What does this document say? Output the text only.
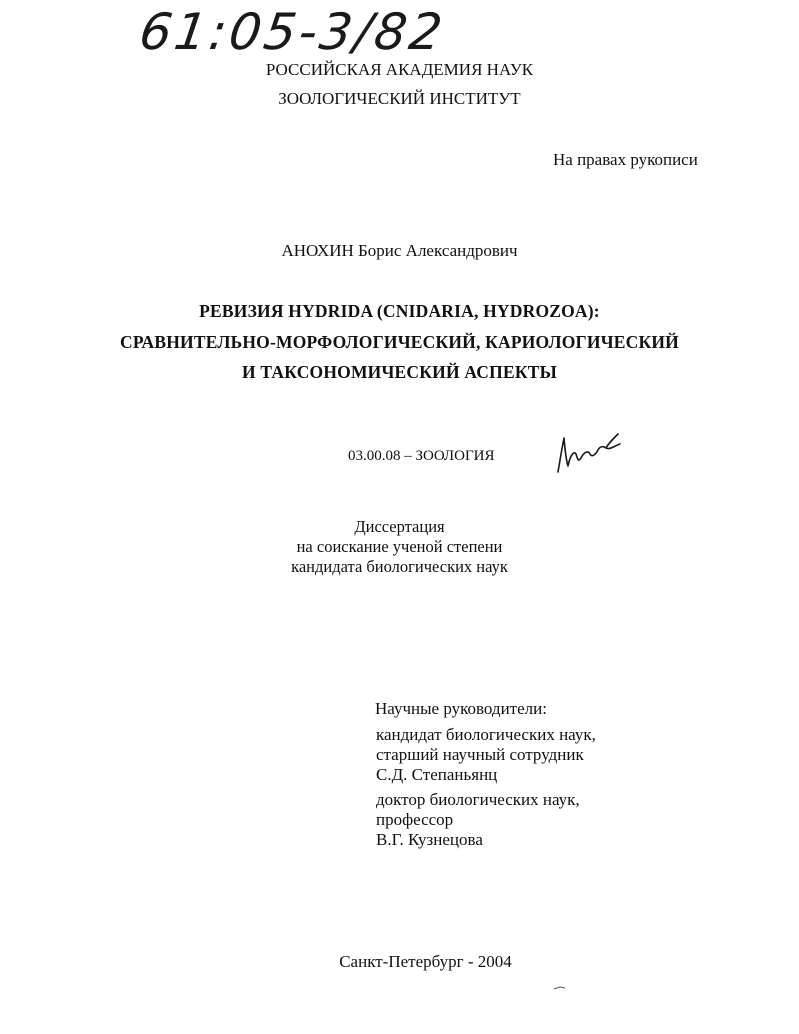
61:05-3/82
РОССИЙСКАЯ АКАДЕМИЯ НАУК
ЗООЛОГИЧЕСКИЙ ИНСТИТУТ
На правах рукописи
АНОХИН Борис Александрович
РЕВИЗИЯ HYDRIDA (CNIDARIA, HYDROZOA):
СРАВНИТЕЛЬНО-МОРФОЛОГИЧЕСКИЙ, КАРИОЛОГИЧЕСКИЙ
И ТАКСОНОМИЧЕСКИЙ АСПЕКТЫ
03.00.08 – ЗООЛОГИЯ
Диссертация
на соискание ученой степени
кандидата биологических наук
Научные руководители:
кандидат биологических наук,
старший научный сотрудник
С.Д. Степаньянц
доктор биологических наук,
профессор
В.Г. Кузнецова
Санкт-Петербург - 2004
